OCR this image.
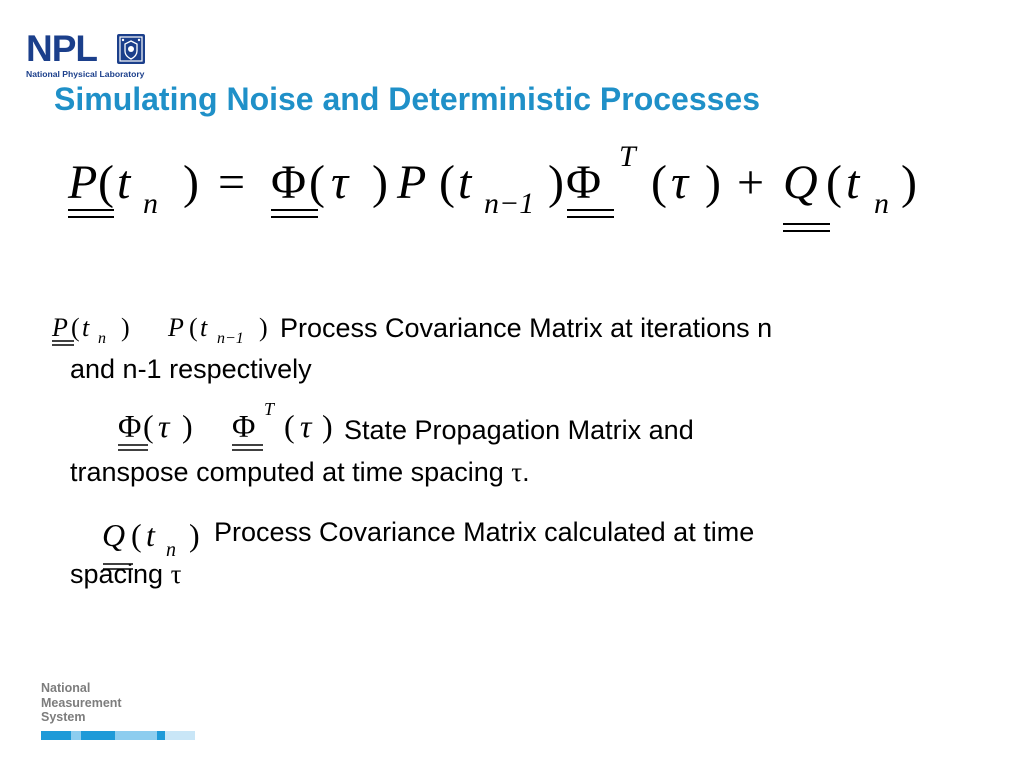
NPL
National Physical Laboratory
Simulating Noise and Deterministic Processes
P ( t ) = Φ ( τ ) P ( t ) Φ ( τ ) + Q ( t )
n	n−1	n
T
P ( t ) P ( t )
n	n−1
Φ ( τ ) Φ ( τ )
T
Q ( t )
n
Process Covariance Matrix at iterations n
and n-1 respectively
State Propagation Matrix and
transpose computed at time spacing τ.
Process Covariance Matrix calculated at time
spacing τ
National
Measurement
System
